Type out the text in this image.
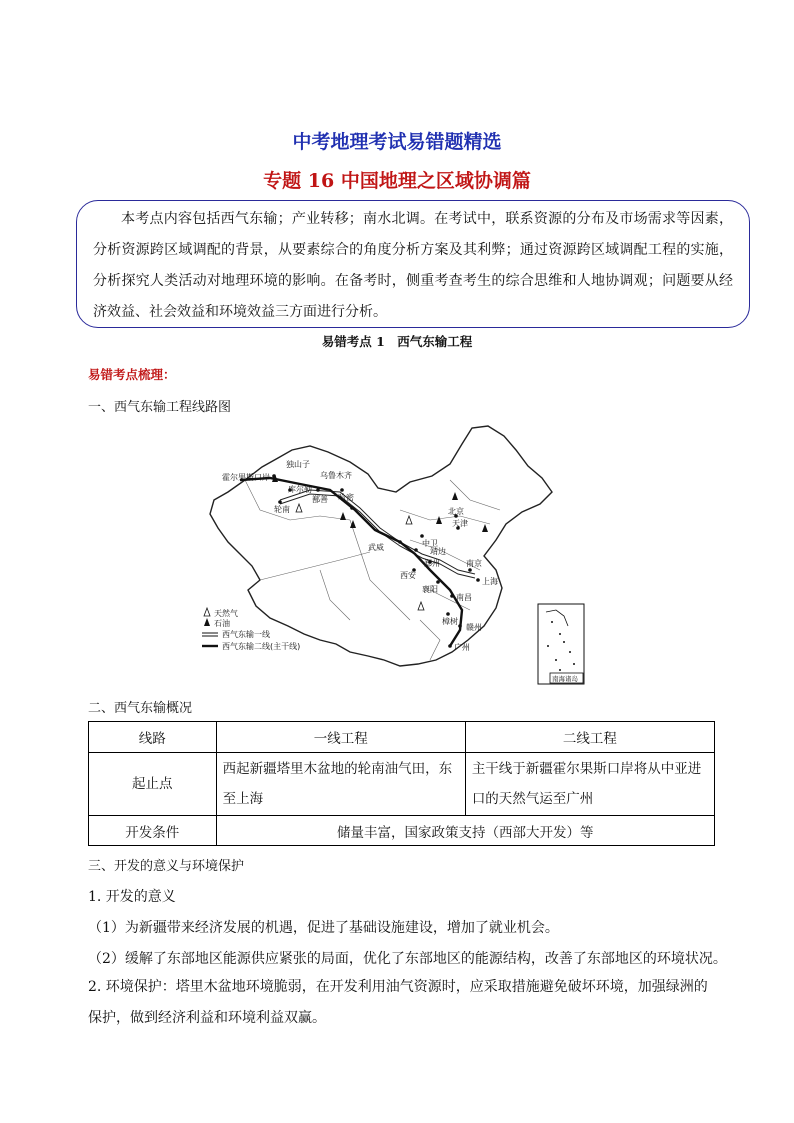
中考地理考试易错题精选
专题 16 中国地理之区域协调篇
本考点内容包括西气东输；产业转移；南水北调。在考试中，联系资源的分布及市场需求等因素，分析资源跨区域调配的背景，从要素综合的角度分析方案及其利弊；通过资源跨区域调配工程的实施，分析探究人类活动对地理环境的影响。在备考时，侧重考查考生的综合思维和人地协调观；问题要从经济效益、社会效益和环境效益三方面进行分析。
易错考点 1　西气东输工程
易错考点梳理：
一、西气东输工程线路图
独山子
霍尔果斯口岸	乌鲁木齐
库尔勒
鄯善 哈密
轮南
武威	中卫
靖边
北京
天津
西安
郑州	南京
上海
襄阳
南昌
樟树
赣州
广州
天然气
石油
西气东输一线
西气东输二线(主干线)
南海诸岛
二、西气东输概况
线路	一线工程	二线工程
起止点	西起新疆塔里木盆地的轮南油气田，东至上海	主干线于新疆霍尔果斯口岸将从中亚进口的天然气运至广州
开发条件	储量丰富，国家政策支持（西部大开发）等	
三、开发的意义与环境保护
1. 开发的意义
（1）为新疆带来经济发展的机遇，促进了基础设施建设，增加了就业机会。
（2）缓解了东部地区能源供应紧张的局面，优化了东部地区的能源结构，改善了东部地区的环境状况。
2. 环境保护：塔里木盆地环境脆弱，在开发利用油气资源时，应采取措施避免破坏环境，加强绿洲的保护，做到经济利益和环境利益双赢。
